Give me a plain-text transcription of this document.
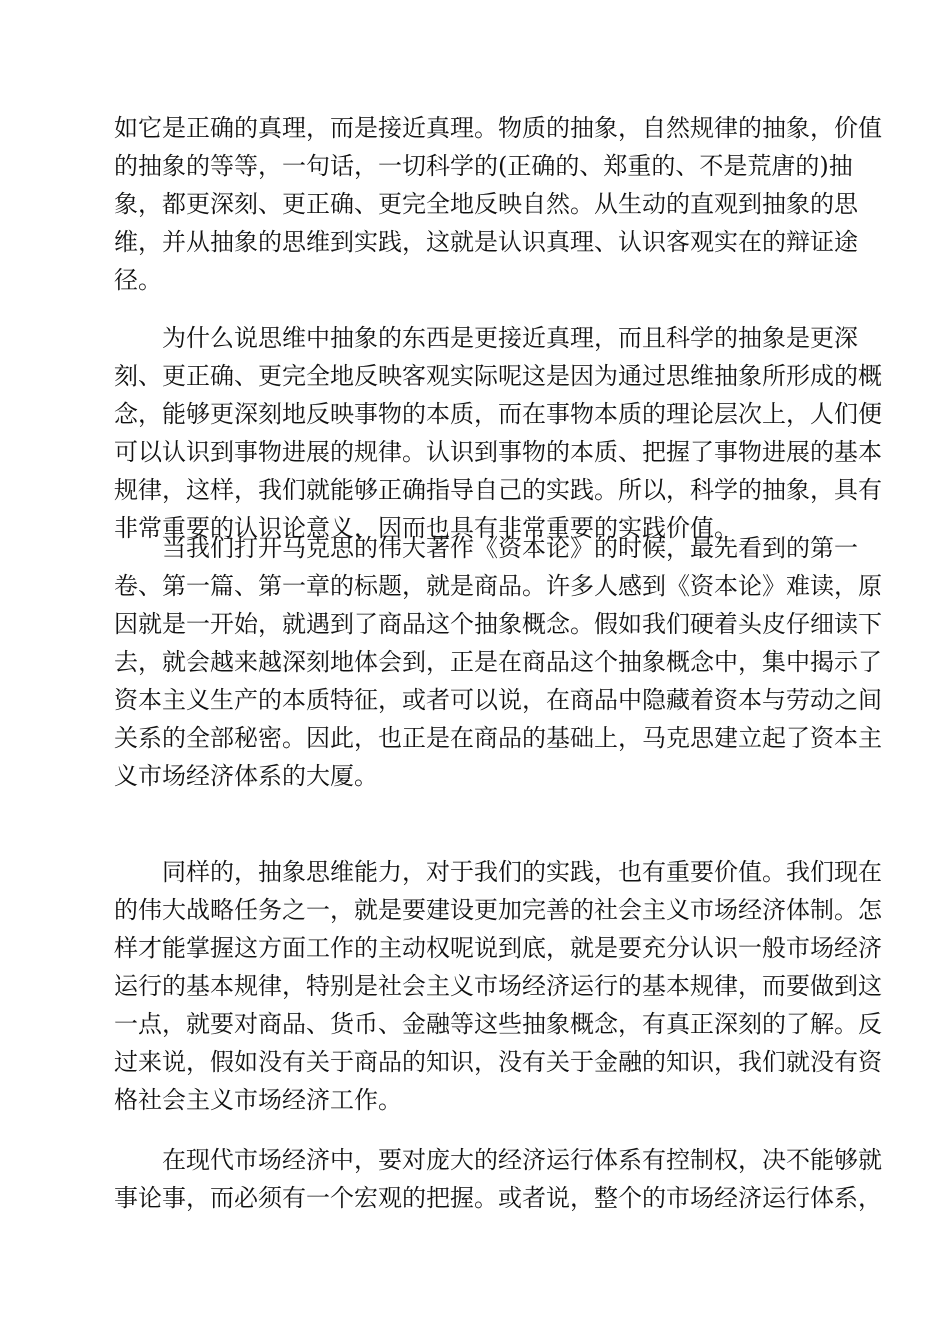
如它是正确的真理，而是接近真理。物质的抽象，自然规律的抽象，价值
的抽象的等等，一句话，一切科学的(正确的、郑重的、不是荒唐的)抽
象，都更深刻、更正确、更完全地反映自然。从生动的直观到抽象的思
维，并从抽象的思维到实践，这就是认识真理、认识客观实在的辩证途
径。
为什么说思维中抽象的东西是更接近真理，而且科学的抽象是更深
刻、更正确、更完全地反映客观实际呢这是因为通过思维抽象所形成的概
念，能够更深刻地反映事物的本质，而在事物本质的理论层次上，人们便
可以认识到事物进展的规律。认识到事物的本质、把握了事物进展的基本
规律，这样，我们就能够正确指导自己的实践。所以，科学的抽象，具有
非常重要的认识论意义，因而也具有非常重要的实践价值。
当我们打开马克思的伟大著作《资本论》的时候，最先看到的第一
卷、第一篇、第一章的标题，就是商品。许多人感到《资本论》难读，原
因就是一开始，就遇到了商品这个抽象概念。假如我们硬着头皮仔细读下
去，就会越来越深刻地体会到，正是在商品这个抽象概念中，集中揭示了
资本主义生产的本质特征，或者可以说，在商品中隐藏着资本与劳动之间
关系的全部秘密。因此，也正是在商品的基础上，马克思建立起了资本主
义市场经济体系的大厦。
同样的，抽象思维能力，对于我们的实践，也有重要价值。我们现在
的伟大战略任务之一，就是要建设更加完善的社会主义市场经济体制。怎
样才能掌握这方面工作的主动权呢说到底，就是要充分认识一般市场经济
运行的基本规律，特别是社会主义市场经济运行的基本规律，而要做到这
一点，就要对商品、货币、金融等这些抽象概念，有真正深刻的了解。反
过来说，假如没有关于商品的知识，没有关于金融的知识，我们就没有资
格社会主义市场经济工作。
在现代市场经济中，要对庞大的经济运行体系有控制权，决不能够就
事论事，而必须有一个宏观的把握。或者说，整个的市场经济运行体系，
